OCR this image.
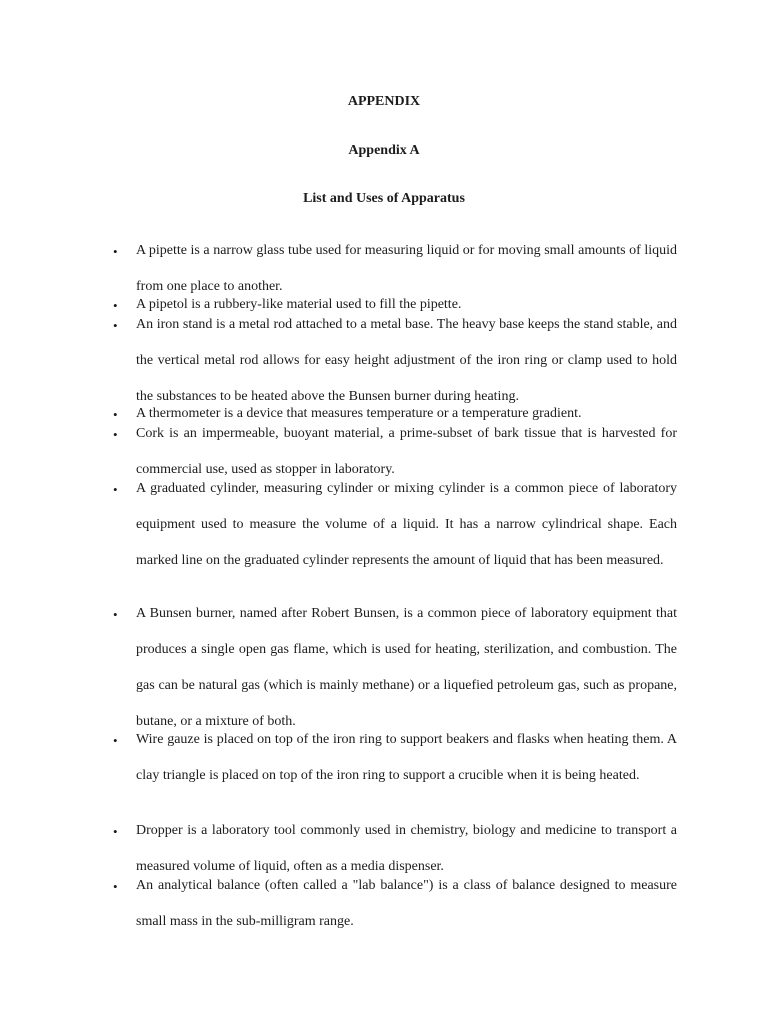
APPENDIX
Appendix A
List and Uses of Apparatus
• A pipette is a narrow glass tube used for measuring liquid or for moving small amounts of liquid from one place to another.
• A pipetol is a rubbery-like material used to fill the pipette.
• An iron stand is a metal rod attached to a metal base. The heavy base keeps the stand stable, and the vertical metal rod allows for easy height adjustment of the iron ring or clamp used to hold the substances to be heated above the Bunsen burner during heating.
• A thermometer is a device that measures temperature or a temperature gradient.
• Cork is an impermeable, buoyant material, a prime-subset of bark tissue that is harvested for commercial use, used as stopper in laboratory.
• A graduated cylinder, measuring cylinder or mixing cylinder is a common piece of laboratory equipment used to measure the volume of a liquid. It has a narrow cylindrical shape. Each marked line on the graduated cylinder represents the amount of liquid that has been measured.
• A Bunsen burner, named after Robert Bunsen, is a common piece of laboratory equipment that produces a single open gas flame, which is used for heating, sterilization, and combustion. The gas can be natural gas (which is mainly methane) or a liquefied petroleum gas, such as propane, butane, or a mixture of both.
• Wire gauze is placed on top of the iron ring to support beakers and flasks when heating them. A clay triangle is placed on top of the iron ring to support a crucible when it is being heated.
• Dropper is a laboratory tool commonly used in chemistry, biology and medicine to transport a measured volume of liquid, often as a media dispenser.
• An analytical balance (often called a "lab balance") is a class of balance designed to measure small mass in the sub-milligram range.
